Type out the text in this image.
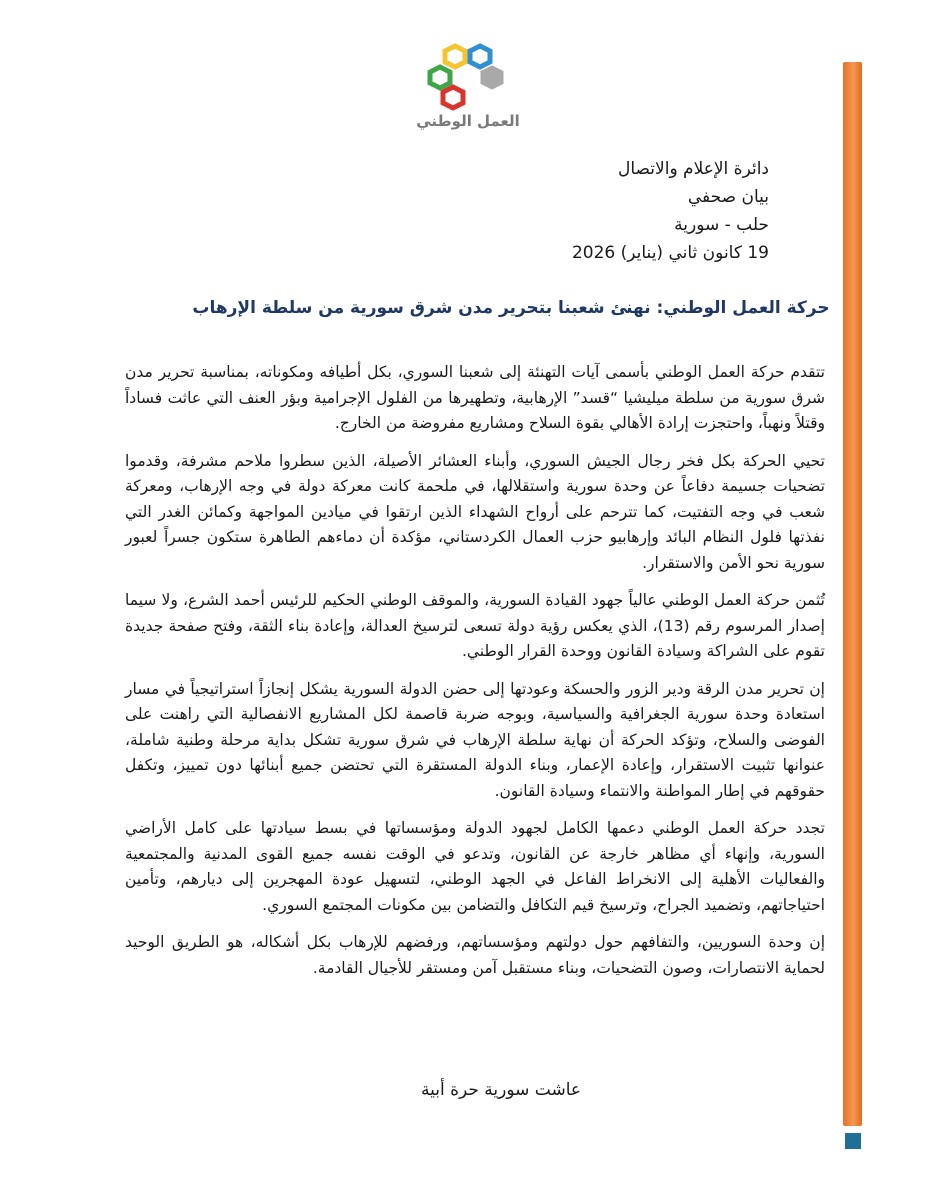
العمل الوطني
دائرة الإعلام والاتصال
بيان صحفي
حلب - سورية
19 كانون ثاني (يناير) 2026
حركة العمل الوطني: نهنئ شعبنا بتحرير مدن شرق سورية من سلطة الإرهاب

تتقدم حركة العمل الوطني بأسمى آيات التهنئة إلى شعبنا السوري، بكل أطيافه ومكوناته، بمناسبة تحرير مدن شرق سورية من سلطة ميليشيا “قسد” الإرهابية، وتطهيرها من الفلول الإجرامية وبؤر العنف التي عاثت فساداً وقتلاً ونهباً، واحتجزت إرادة الأهالي بقوة السلاح ومشاريع مفروضة من الخارج.

تحيي الحركة بكل فخر رجال الجيش السوري، وأبناء العشائر الأصيلة، الذين سطروا ملاحم مشرفة، وقدموا تضحيات جسيمة دفاعاً عن وحدة سورية واستقلالها، في ملحمة كانت معركة دولة في وجه الإرهاب، ومعركة شعب في وجه التفتيت، كما تترحم على أرواح الشهداء الذين ارتقوا في ميادين المواجهة وكمائن الغدر التي نفذتها فلول النظام البائد وإرهابيو حزب العمال الكردستاني، مؤكدة أن دماءهم الطاهرة ستكون جسراً لعبور سورية نحو الأمن والاستقرار.

تُثمن حركة العمل الوطني عالياً جهود القيادة السورية، والموقف الوطني الحكيم للرئيس أحمد الشرع، ولا سيما إصدار المرسوم رقم (13)، الذي يعكس رؤية دولة تسعى لترسيخ العدالة، وإعادة بناء الثقة، وفتح صفحة جديدة تقوم على الشراكة وسيادة القانون ووحدة القرار الوطني.

إن تحرير مدن الرقة ودير الزور والحسكة وعودتها إلى حضن الدولة السورية يشكل إنجازاً استراتيجياً في مسار استعادة وحدة سورية الجغرافية والسياسية، وبوجه ضربة قاصمة لكل المشاريع الانفصالية التي راهنت على الفوضى والسلاح، وتؤكد الحركة أن نهاية سلطة الإرهاب في شرق سورية تشكل بداية مرحلة وطنية شاملة، عنوانها تثبيت الاستقرار، وإعادة الإعمار، وبناء الدولة المستقرة التي تحتضن جميع أبنائها دون تمييز، وتكفل حقوقهم في إطار المواطنة والانتماء وسيادة القانون.

تجدد حركة العمل الوطني دعمها الكامل لجهود الدولة ومؤسساتها في بسط سيادتها على كامل الأراضي السورية، وإنهاء أي مظاهر خارجة عن القانون، وتدعو في الوقت نفسه جميع القوى المدنية والمجتمعية والفعاليات الأهلية إلى الانخراط الفاعل في الجهد الوطني، لتسهيل عودة المهجرين إلى ديارهم، وتأمين احتياجاتهم، وتضميد الجراح، وترسيخ قيم التكافل والتضامن بين مكونات المجتمع السوري.

إن وحدة السوريين، والتفافهم حول دولتهم ومؤسساتهم، ورفضهم للإرهاب بكل أشكاله، هو الطريق الوحيد لحماية الانتصارات، وصون التضحيات، وبناء مستقبل آمن ومستقر للأجيال القادمة.

عاشت سورية حرة أبية
